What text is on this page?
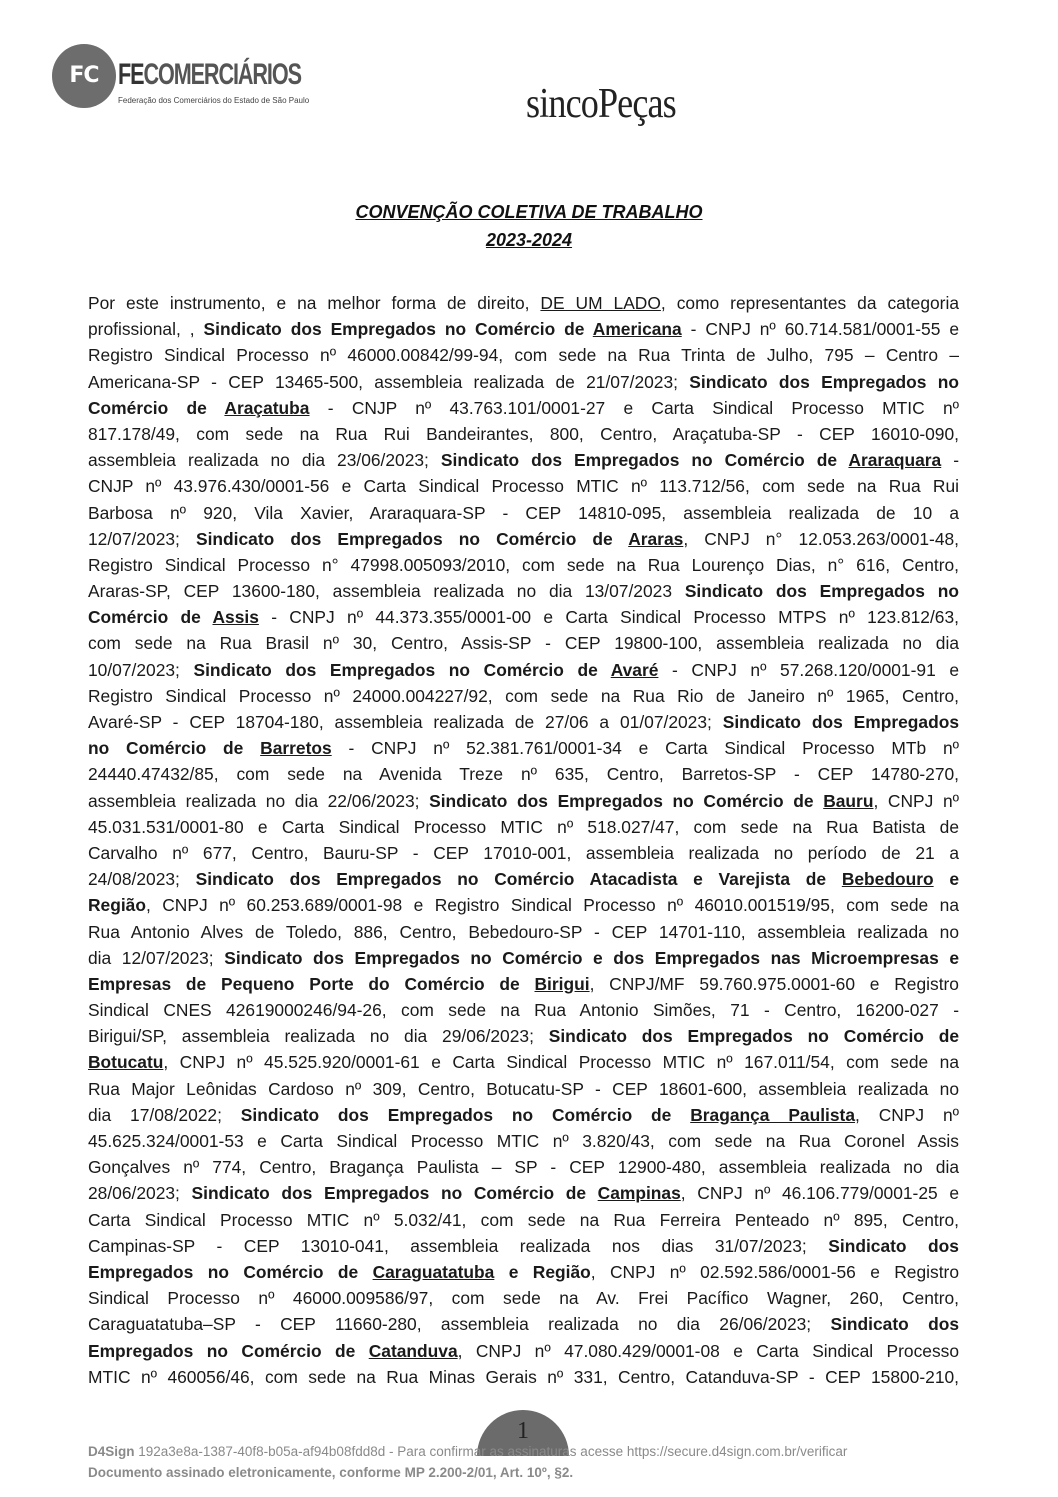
FC FECOMERCIÁRIOS
Federação dos Comerciários do Estado de São Paulo	sincoPeças
CONVENÇÃO COLETIVA DE TRABALHO
2023-2024
Por este instrumento, e na melhor forma de direito, DE UM LADO, como representantes da categoria
profissional, , Sindicato dos Empregados no Comércio de Americana - CNPJ nº 60.714.581/0001-55 e
Registro Sindical Processo nº 46000.00842/99-94, com sede na Rua Trinta de Julho, 795 – Centro –
Americana-SP - CEP 13465-500, assembleia realizada de 21/07/2023; Sindicato dos Empregados no
Comércio de Araçatuba - CNJP nº 43.763.101/0001-27 e Carta Sindical Processo MTIC nº
817.178/49, com sede na Rua Rui Bandeirantes, 800, Centro, Araçatuba-SP - CEP 16010-090,
assembleia realizada no dia 23/06/2023; Sindicato dos Empregados no Comércio de Araraquara -
CNJP nº 43.976.430/0001-56 e Carta Sindical Processo MTIC nº 113.712/56, com sede na Rua Rui
Barbosa nº 920, Vila Xavier, Araraquara-SP - CEP 14810-095, assembleia realizada de 10 a
12/07/2023; Sindicato dos Empregados no Comércio de Araras, CNPJ n° 12.053.263/0001-48,
Registro Sindical Processo n° 47998.005093/2010, com sede na Rua Lourenço Dias, n° 616, Centro,
Araras-SP, CEP 13600-180, assembleia realizada no dia 13/07/2023 Sindicato dos Empregados no
Comércio de Assis - CNPJ nº 44.373.355/0001-00 e Carta Sindical Processo MTPS nº 123.812/63,
com sede na Rua Brasil nº 30, Centro, Assis-SP - CEP 19800-100, assembleia realizada no dia
10/07/2023; Sindicato dos Empregados no Comércio de Avaré - CNPJ nº 57.268.120/0001-91 e
Registro Sindical Processo nº 24000.004227/92, com sede na Rua Rio de Janeiro nº 1965, Centro,
Avaré-SP - CEP 18704-180, assembleia realizada de 27/06 a 01/07/2023; Sindicato dos Empregados
no Comércio de Barretos - CNPJ nº 52.381.761/0001-34 e Carta Sindical Processo MTb nº
24440.47432/85, com sede na Avenida Treze nº 635, Centro, Barretos-SP - CEP 14780-270,
assembleia realizada no dia 22/06/2023; Sindicato dos Empregados no Comércio de Bauru, CNPJ nº
45.031.531/0001-80 e Carta Sindical Processo MTIC nº 518.027/47, com sede na Rua Batista de
Carvalho nº 677, Centro, Bauru-SP - CEP 17010-001, assembleia realizada no período de 21 a
24/08/2023; Sindicato dos Empregados no Comércio Atacadista e Varejista de Bebedouro e
Região, CNPJ nº 60.253.689/0001-98 e Registro Sindical Processo nº 46010.001519/95, com sede na
Rua Antonio Alves de Toledo, 886, Centro, Bebedouro-SP - CEP 14701-110, assembleia realizada no
dia 12/07/2023; Sindicato dos Empregados no Comércio e dos Empregados nas Microempresas e
Empresas de Pequeno Porte do Comércio de Birigui, CNPJ/MF 59.760.975.0001-60 e Registro
Sindical CNES 42619000246/94-26, com sede na Rua Antonio Simões, 71 - Centro, 16200-027 -
Birigui/SP, assembleia realizada no dia 29/06/2023; Sindicato dos Empregados no Comércio de
Botucatu, CNPJ nº 45.525.920/0001-61 e Carta Sindical Processo MTIC nº 167.011/54, com sede na
Rua Major Leônidas Cardoso nº 309, Centro, Botucatu-SP - CEP 18601-600, assembleia realizada no
dia 17/08/2022; Sindicato dos Empregados no Comércio de Bragança Paulista, CNPJ nº
45.625.324/0001-53 e Carta Sindical Processo MTIC nº 3.820/43, com sede na Rua Coronel Assis
Gonçalves nº 774, Centro, Bragança Paulista – SP - CEP 12900-480, assembleia realizada no dia
28/06/2023; Sindicato dos Empregados no Comércio de Campinas, CNPJ nº 46.106.779/0001-25 e
Carta Sindical Processo MTIC nº 5.032/41, com sede na Rua Ferreira Penteado nº 895, Centro,
Campinas-SP - CEP 13010-041, assembleia realizada nos dias 31/07/2023; Sindicato dos
Empregados no Comércio de Caraguatatuba e Região, CNPJ nº 02.592.586/0001-56 e Registro
Sindical Processo nº 46000.009586/97, com sede na Av. Frei Pacífico Wagner, 260, Centro,
Caraguatatuba–SP - CEP 11660-280, assembleia realizada no dia 26/06/2023; Sindicato dos
Empregados no Comércio de Catanduva, CNPJ nº 47.080.429/0001-08 e Carta Sindical Processo
MTIC nº 460056/46, com sede na Rua Minas Gerais nº 331, Centro, Catanduva-SP - CEP 15800-210,
1
D4Sign 192a3e8a-1387-40f8-b05a-af94b08fdd8d - Para confirmar as assinaturas acesse https://secure.d4sign.com.br/verificar
Documento assinado eletronicamente, conforme MP 2.200-2/01, Art. 10º, §2.
